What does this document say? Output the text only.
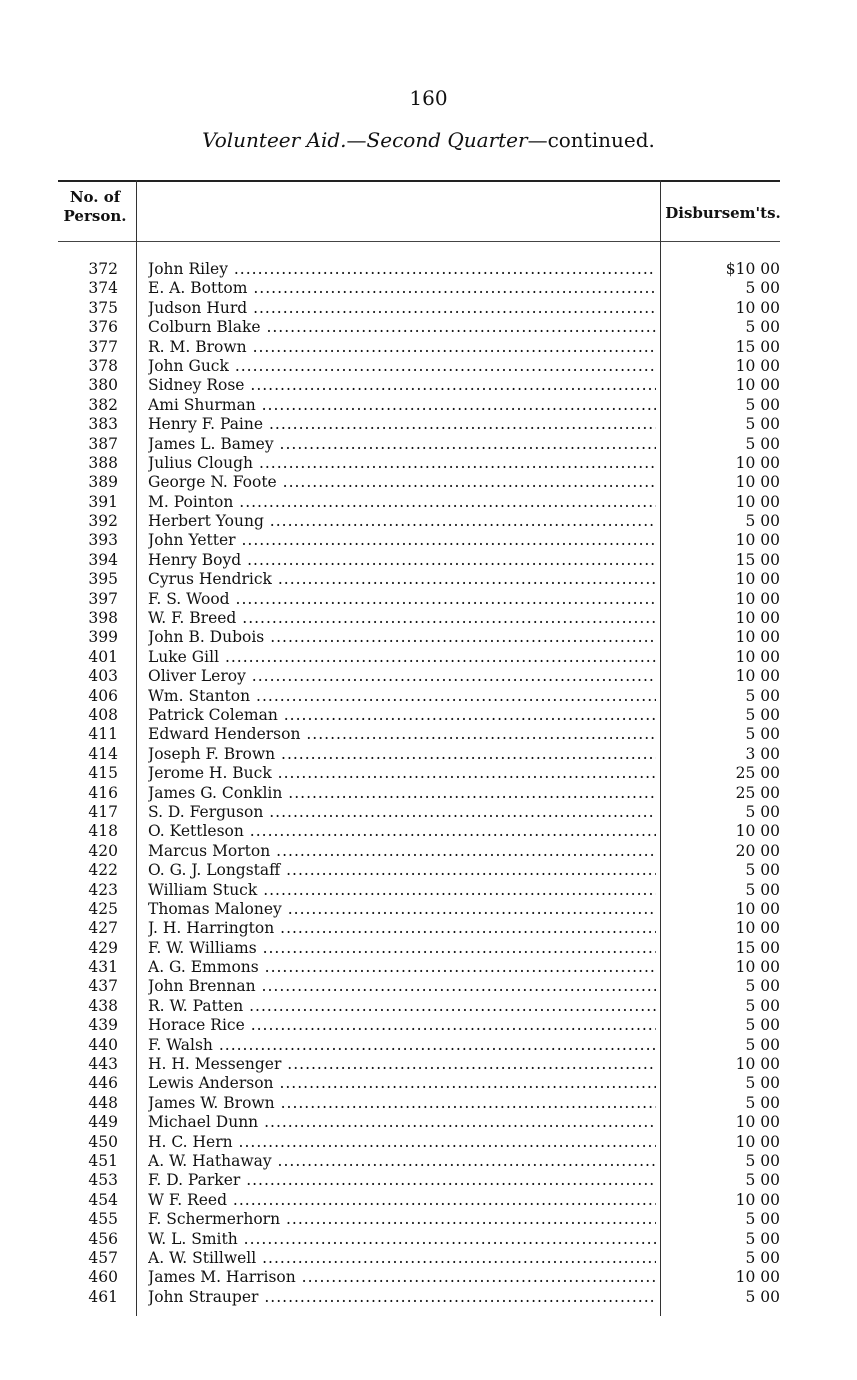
160
Volunteer Aid.—Second Quarter—continued.
No. of
Person.	Disbursem'ts.
372 John Riley .....	$10 00
374 E. A. Bottom .....	5 00
375 Judson Hurd .....	10 00
376 Colburn Blake .....	5 00
377 R. M. Brown .....	15 00
378 John Guck .....	10 00
380 Sidney Rose .....	10 00
382 Ami Shurman .....	5 00
383 Henry F. Paine .....	5 00
387 James L. Bamey .....	5 00
388 Julius Clough .....	10 00
389 George N. Foote .....	10 00
391 M. Pointon .....	10 00
392 Herbert Young .....	5 00
393 John Yetter .....	10 00
394 Henry Boyd .....	15 00
395 Cyrus Hendrick .....	10 00
397 F. S. Wood .....	10 00
398 W. F. Breed .....	10 00
399 John B. Dubois .....	10 00
401 Luke Gill .....	10 00
403 Oliver Leroy .....	10 00
406 Wm. Stanton .....	5 00
408 Patrick Coleman .....	5 00
411 Edward Henderson .....	5 00
414 Joseph F. Brown .....	3 00
415 Jerome H. Buck .....	25 00
416 James G. Conklin .....	25 00
417 S. D. Ferguson .....	5 00
418 O. Kettleson .....	10 00
420 Marcus Morton .....	20 00
422 O. G. J. Longstaff .....	5 00
423 William Stuck .....	5 00
425 Thomas Maloney .....	10 00
427 J. H. Harrington .....	10 00
429 F. W. Williams .....	15 00
431 A. G. Emmons .....	10 00
437 John Brennan .....	5 00
438 R. W. Patten .....	5 00
439 Horace Rice .....	5 00
440 F. Walsh .....	5 00
443 H. H. Messenger .....	10 00
446 Lewis Anderson .....	5 00
448 James W. Brown .....	5 00
449 Michael Dunn .....	10 00
450 H. C. Hern .....	10 00
451 A. W. Hathaway .....	5 00
453 F. D. Parker .....	5 00
454 W F. Reed .....	10 00
455 F. Schermerhorn .....	5 00
456 W. L. Smith .....	5 00
457 A. W. Stillwell .....	5 00
460 James M. Harrison .....	10 00
461 John Strauper .....	5 00
